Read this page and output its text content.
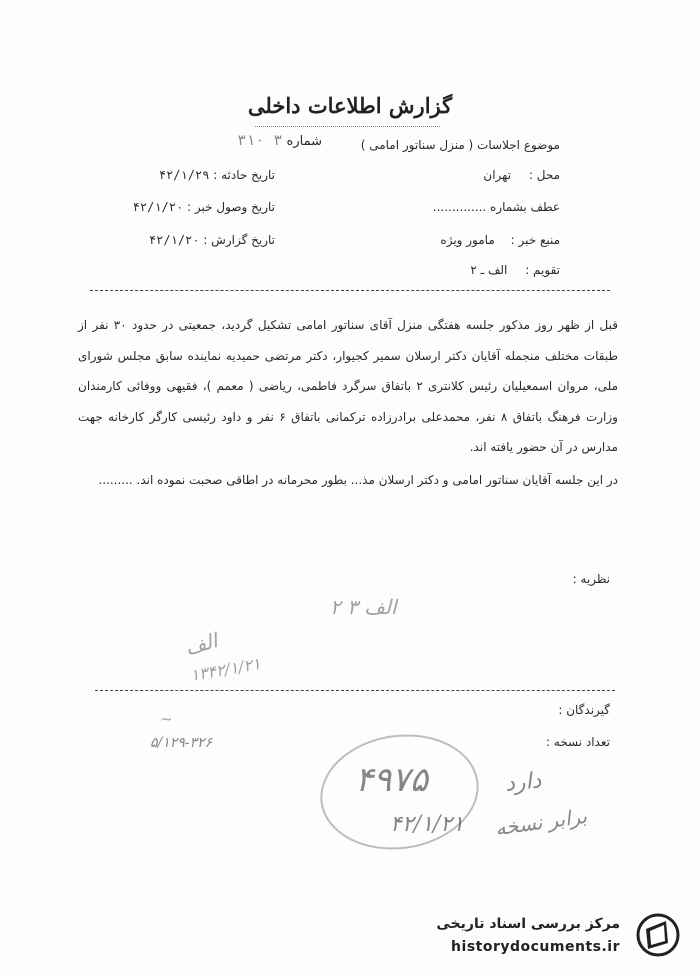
گزارش اطلاعات داخلی
موضوع اجلاسات ( منزل سناتور امامی )
شماره ۳ ۳۱۰
محل : تهران
تاریخ حادثه : ۴۲/۱/۲۹
عطف بشماره ..............
تاریخ وصول خبر : ۴۲/۱/۲۰
منبع خبر : مامور ویژه
تاریخ گزارش : ۴۲/۱/۲۰
تقویم : الف ـ ۲

قبل از ظهر روز مذکور جلسه هفتگی منزل آقای سناتور امامی تشکیل گردید، جمعیتی در حدود ۳۰ نفر از طبقات مختلف منجمله آقایان دکتر ارسلان سمیر کجیوار، دکتر مرتضی حمیدیه نماینده سابق مجلس شورای ملی، مروان اسمعیلیان رئیس کلانتری ۲ باتفاق سرگرد فاطمی، ریاضی ( معمم )، فقیهی ووفائی کارمندان وزارت فرهنگ باتفاق ۸ نفر، محمدعلی برادرزاده ترکمانی باتفاق ۶ نفر و داود رئیسی کارگر کارخانه جهت مدارس در آن حضور یافته اند.

در این جلسه آقایان سناتور امامی و دکتر ارسلان مذ... بطور محرمانه در اطاقی صحبت نموده اند. .........

نظریه :
الف ۳ ۲
الف
۱۳۴۲/۱/۲۱
گیرندگان :
تعداد نسخه :
~
۵/۱۲۹-۳۲۶
۴۹۷۵
۴۲/۱/۲۱
دارد
برابر نسخه
مرکز بررسی اسناد تاریخی
historydocuments.ir
